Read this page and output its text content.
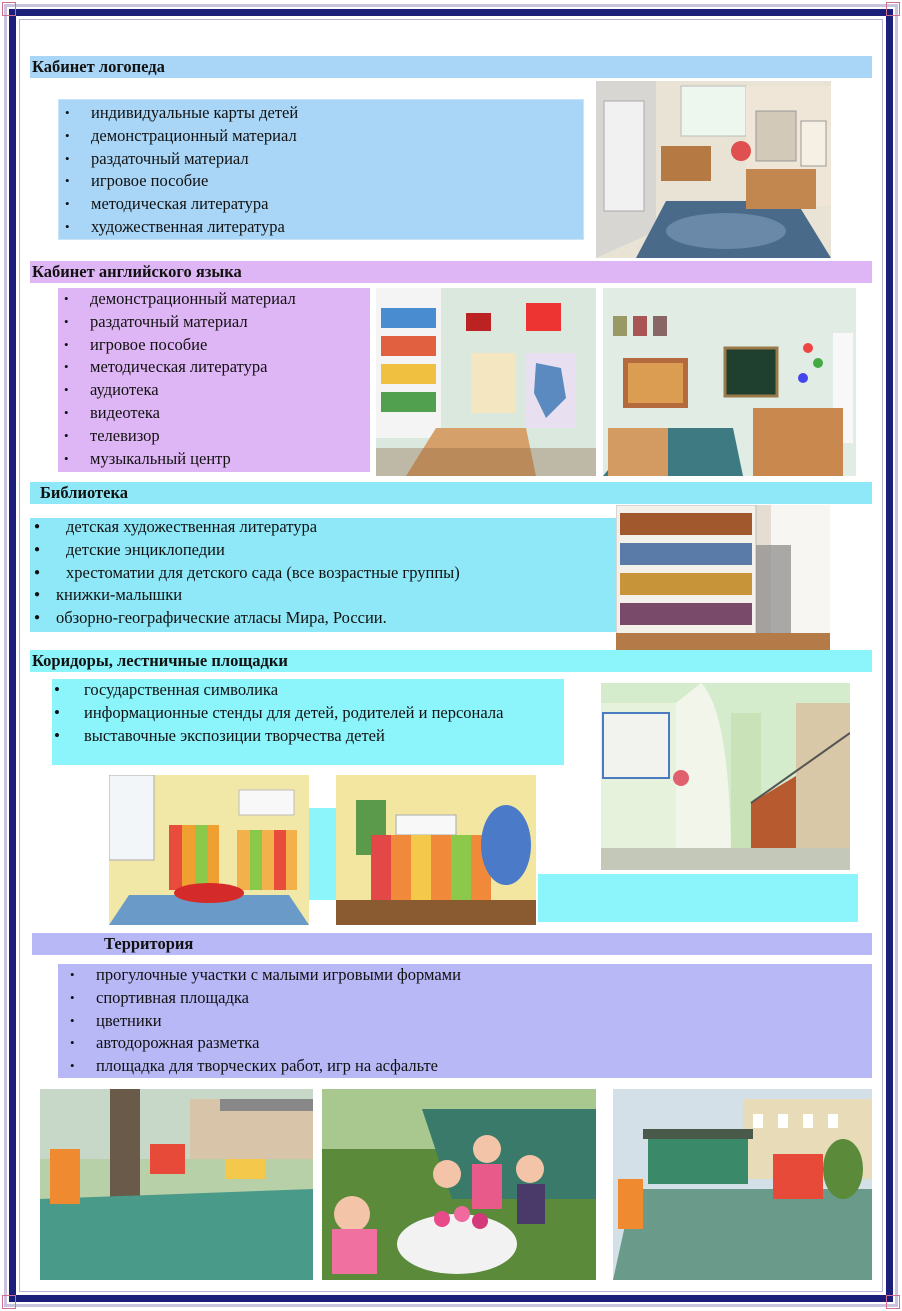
Кабинет логопеда
• индивидуальные карты детей
• демонстрационный материал
• раздаточный материал
• игровое пособие
• методическая литература
• художественная литература
Кабинет английского языка
• демонстрационный материал
• раздаточный материал
• игровое пособие
• методическая литература
• аудиотека
• видеотека
• телевизор
• музыкальный центр
Библиотека
● детская художественная литература
● детские энциклопедии
● хрестоматии для детского сада (все возрастные группы)
● книжки-малышки
● обзорно-географические атласы Мира, России.
Коридоры, лестничные площадки
• государственная символика
• информационные стенды для детей, родителей и персонала
• выставочные экспозиции творчества детей
Территория
• прогулочные участки с малыми игровыми формами
• спортивная площадка
• цветники
• автодорожная разметка
• площадка для творческих работ, игр на асфальте
